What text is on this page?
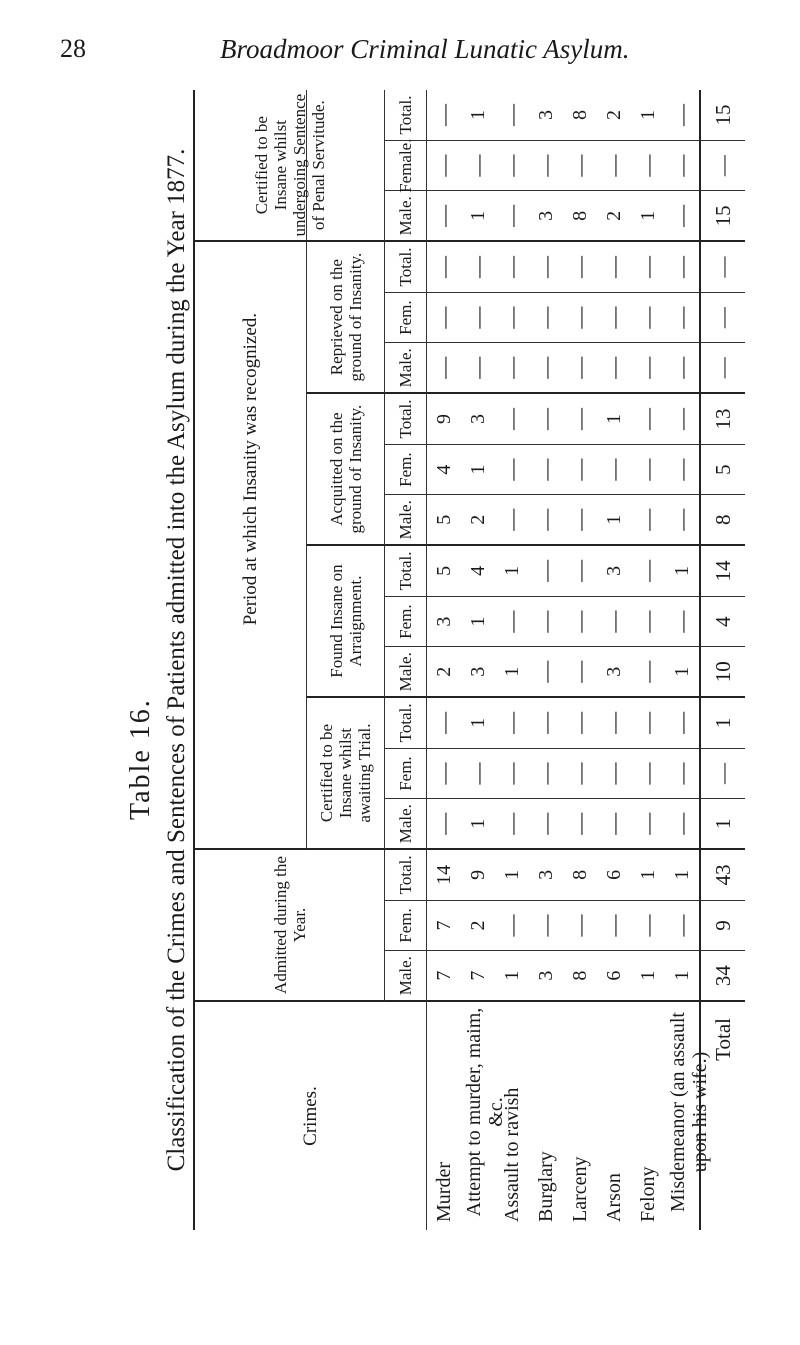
28	Broadmoor Criminal Lunatic Asylum.
Table 16. Classification of the Crimes and Sentences of Patients admitted into the Asylum during the Year 1877.	Crimes.
Admitted during the Year.
Period at which Insanity was recognized.
Certified to be Insane whilst awaiting Trial.
Found Insane on Arraignment.
Acquitted on the ground of Insanity.
Reprieved on the ground of Insanity.
Certified to be Insane whilst undergoing Sentence of Penal Servitude.
Male.
Fem.
Total.
Male.
Fem.
Total.
Male.
Fem.
Total.
Male.
Fem.
Total.
Male.
Fem.
Total.
Male.
Female.
Total.
Murder
7
7
14
—
—
—
2
3
5
5
4
9
—
—
—
—
—
—
Attempt to murder, maim, &c.
7
2
9
1
—
1
3
1
4
2
1
3
—
—
—
1
—
1
Assault to ravish
1
—
1
—
—
—
1
—
1
—
—
—
—
—
—
—
—
—
Burglary
3
—
3
—
—
—
—
—
—
—
—
—
—
—
—
3
—
3
Larceny
8
—
8
—
—
—
—
—
—
—
—
—
—
—
—
8
—
8
Arson
6
—
6
—
—
—
3
—
3
1
—
1
—
—
—
2
—
2
Felony
1
—
1
—
—
—
—
—
—
—
—
—
—
—
—
1
—
1
Misdemeanor (an assault upon his wife.)
1
—
1
—
—
—
1
—
1
—
—
—
—
—
—
—
—
—
Total
34
9
43
1
—
1
10
4
14
8
5
13
—
—
—
15
—
15
